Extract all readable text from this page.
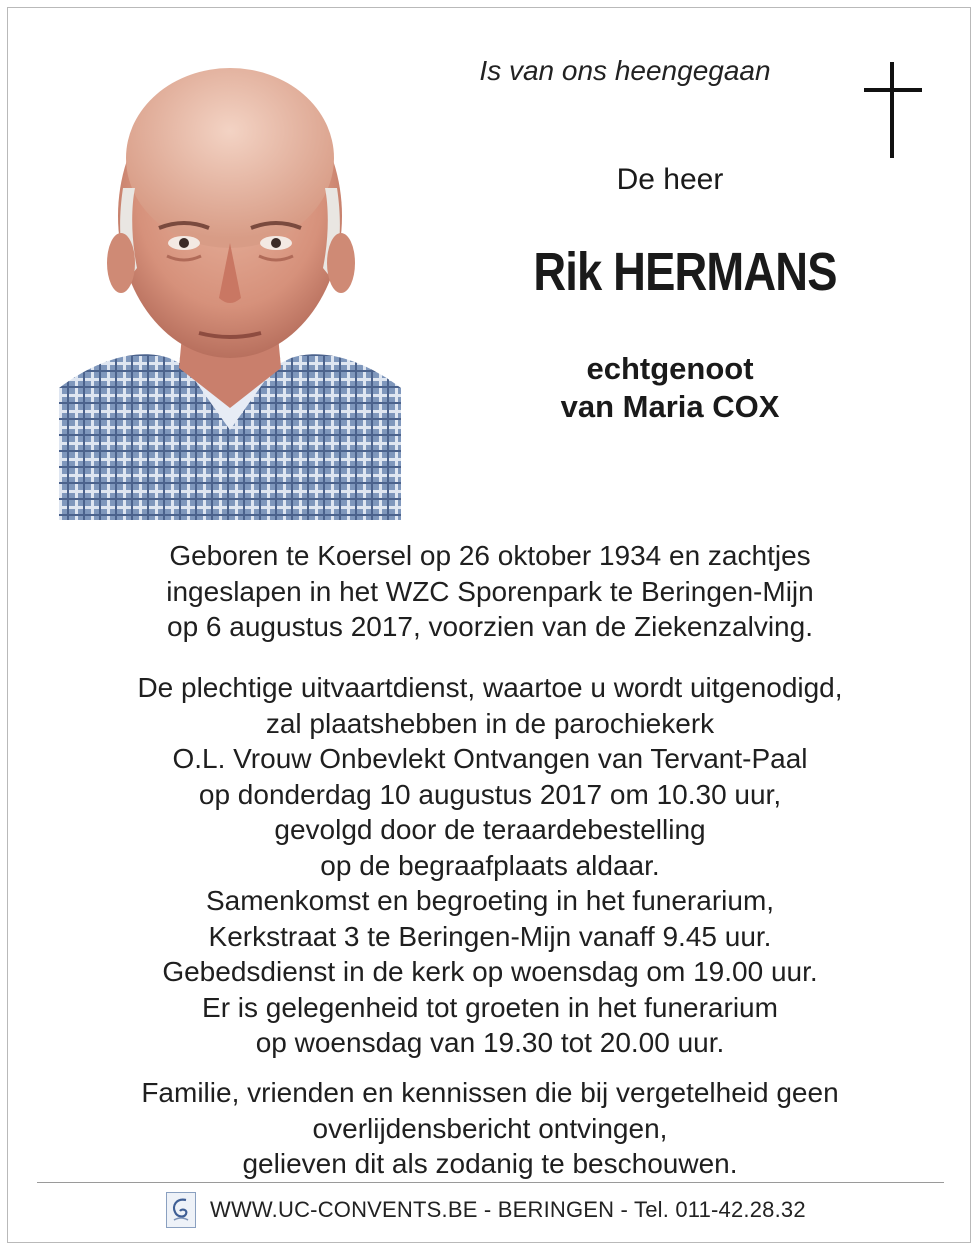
Is van ons heengegaan
De heer
Rik HERMANS
echtgenoot
van Maria COX
Geboren te Koersel op 26 oktober 1934 en zachtjes
ingeslapen in het WZC Sporenpark te Beringen-Mijn
op 6 augustus 2017, voorzien van de Ziekenzalving.
De plechtige uitvaartdienst, waartoe u wordt uitgenodigd,
zal plaatshebben in de parochiekerk
O.L. Vrouw Onbevlekt Ontvangen van Tervant-Paal
op donderdag 10 augustus 2017 om 10.30 uur,
gevolgd door de teraardebestelling
op de begraafplaats aldaar.
Samenkomst en begroeting in het funerarium,
Kerkstraat 3 te Beringen-Mijn vanaff 9.45 uur.
Gebedsdienst in de kerk op woensdag om 19.00 uur.
Er is gelegenheid tot groeten in het funerarium
op woensdag van 19.30 tot 20.00 uur.
Familie, vrienden en kennissen die bij vergetelheid geen
overlijdensbericht ontvingen,
gelieven dit als zodanig te beschouwen.
WWW.UC-CONVENTS.BE - BERINGEN - Tel. 011-42.28.32
